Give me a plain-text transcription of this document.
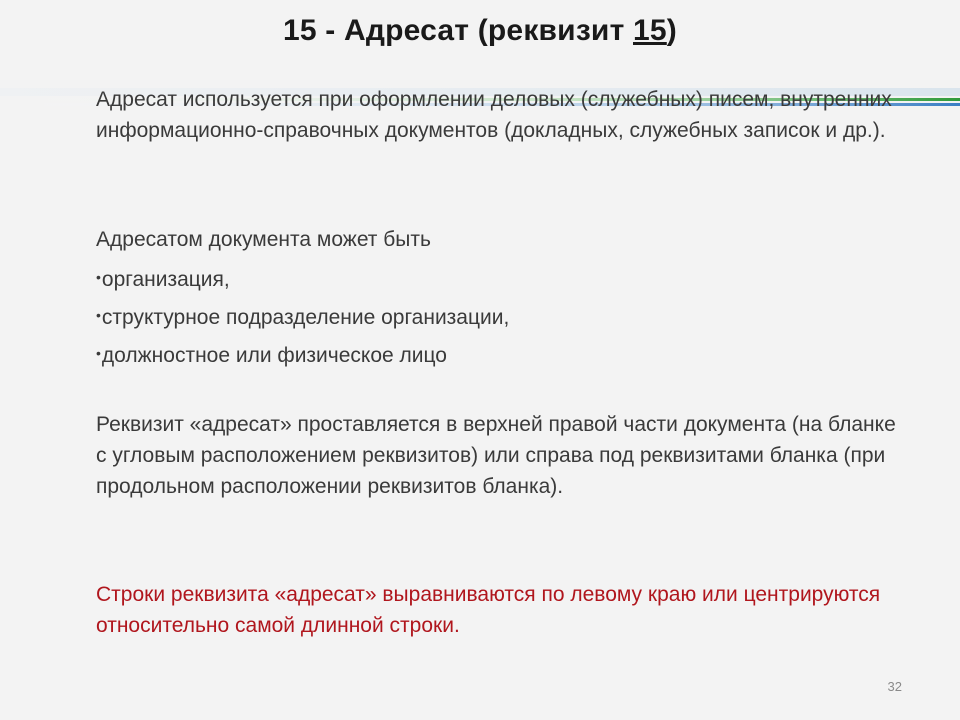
15 - Адресат (реквизит 15)

Адресат используется при оформлении деловых (служебных) писем, внутренних информационно-справочных документов (докладных, служебных записок и др.).

Адресатом документа может быть

•организация,
•структурное подразделение организации,
•должностное или физическое лицо

Реквизит «адресат» проставляется в верхней правой части документа (на бланке с угловым расположением реквизитов) или справа под реквизитами бланка (при продольном расположении реквизитов бланка).

Строки реквизита «адресат» выравниваются по левому краю или центрируются относительно самой длинной строки.

32
